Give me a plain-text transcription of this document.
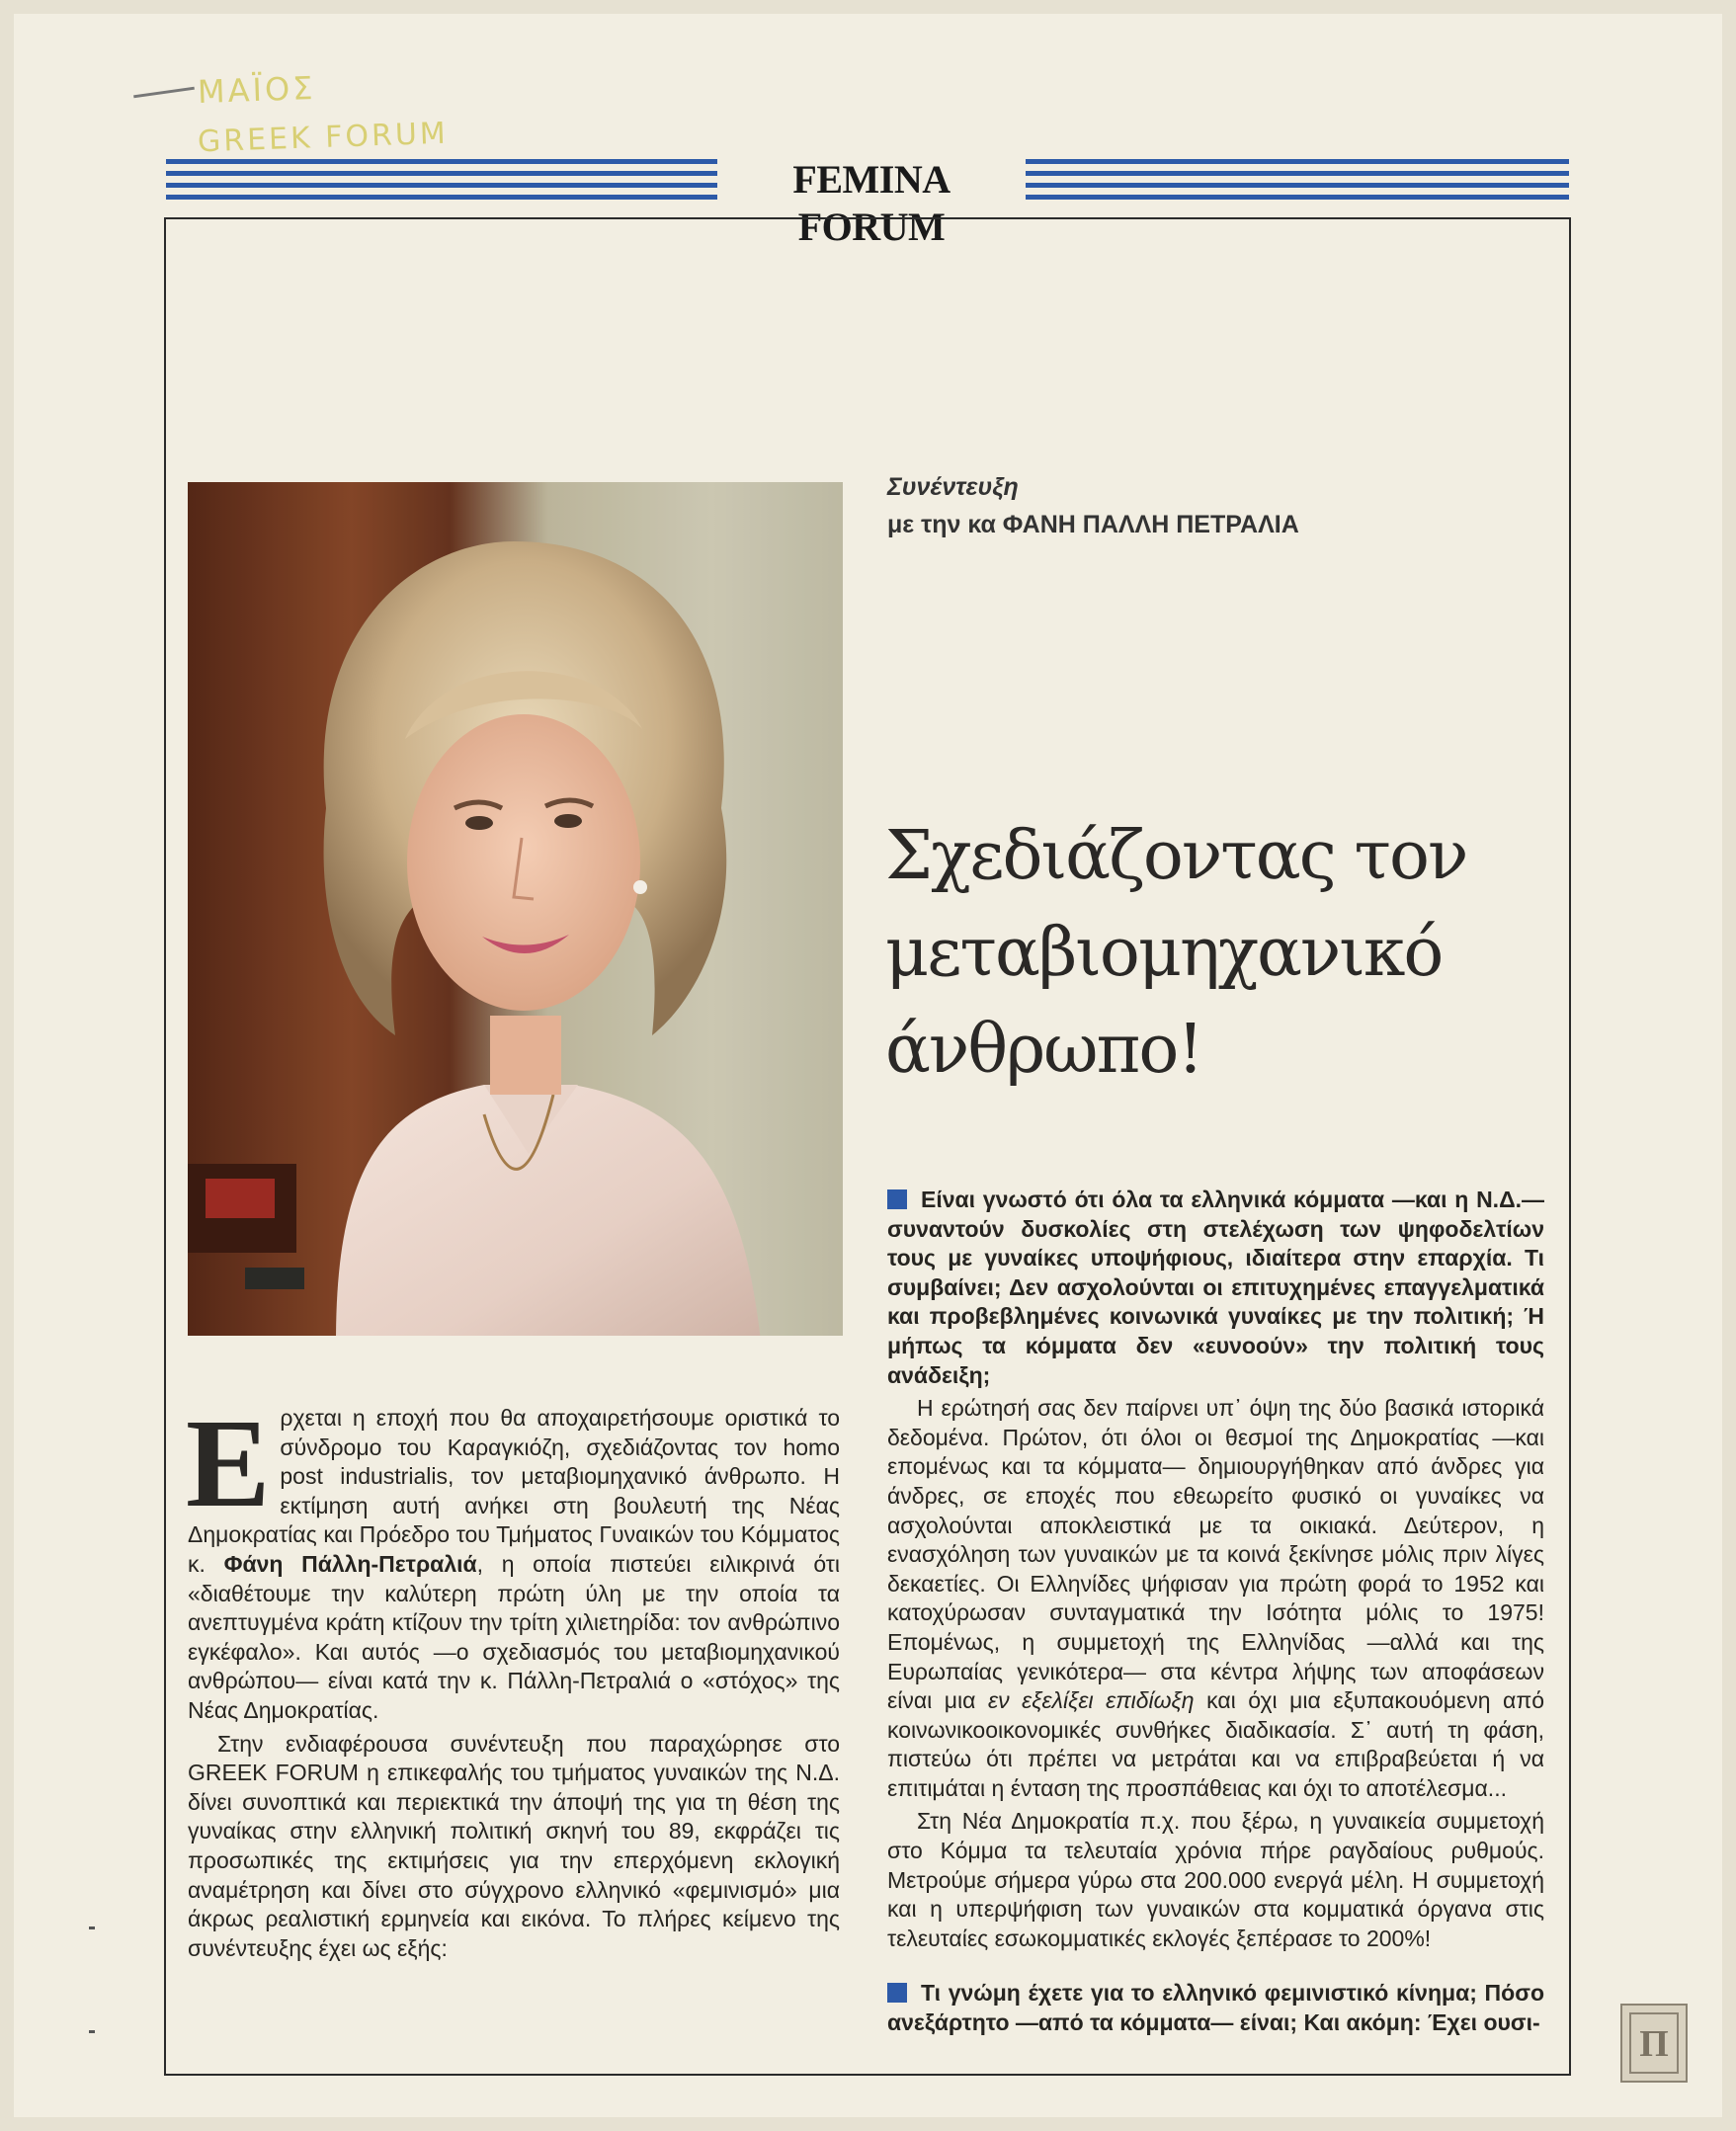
ΜΑΪΟΣ
GREEK FORUM
FEMINA FORUM
Συνέντευξη
με την κα ΦΑΝΗ ΠΑΛΛΗ ΠΕΤΡΑΛΙΑ
Σχεδιάζοντας τον
μεταβιομηχανικό
άνθρωπο!

Ερχεται η εποχή που θα αποχαιρετήσουμε οριστικά το σύνδρομο του Καραγκιόζη, σχεδιάζοντας τον homo post industrialis, τον μεταβιομηχανικό άνθρωπο. Η εκτίμηση αυτή ανήκει στη βουλευτή της Νέας Δημοκρατίας και Πρόεδρο του Τμήματος Γυναικών του Κόμματος κ. Φάνη Πάλλη-Πετραλιά, η οποία πιστεύει ειλικρινά ότι «διαθέτουμε την καλύτερη πρώτη ύλη με την οποία τα ανεπτυγμένα κράτη κτίζουν την τρίτη χιλιετηρίδα: τον ανθρώπινο εγκέφαλο». Και αυτός —ο σχεδιασμός του μεταβιομηχανικού ανθρώπου— είναι κατά την κ. Πάλλη-Πετραλιά ο «στόχος» της Νέας Δημοκρατίας.

Στην ενδιαφέρουσα συνέντευξη που παραχώρησε στο GREEK FORUM η επικεφαλής του τμήματος γυναικών της Ν.Δ. δίνει συνοπτικά και περιεκτικά την άποψή της για τη θέση της γυναίκας στην ελληνική πολιτική σκηνή του 89, εκφράζει τις προσωπικές της εκτιμήσεις για την επερχόμενη εκλογική αναμέτρηση και δίνει στο σύγχρονο ελληνικό «φεμινισμό» μια άκρως ρεαλιστική ερμηνεία και εικόνα. Το πλήρες κείμενο της συνέντευξης έχει ως εξής:

Είναι γνωστό ότι όλα τα ελληνικά κόμματα —και η Ν.Δ.— συναντούν δυσκολίες στη στελέχωση των ψηφοδελτίων τους με γυναίκες υποψήφιους, ιδιαίτερα στην επαρχία. Τι συμβαίνει; Δεν ασχολούνται οι επιτυχημένες επαγγελματικά και προβεβλημένες κοινωνικά γυναίκες με την πολιτική; Ή μήπως τα κόμματα δεν «ευνοούν» την πολιτική τους ανάδειξη;

Η ερώτησή σας δεν παίρνει υπ᾽ όψη της δύο βασικά ιστορικά δεδομένα. Πρώτον, ότι όλοι οι θεσμοί της Δημοκρατίας —και επομένως και τα κόμματα— δημιουργήθηκαν από άνδρες για άνδρες, σε εποχές που εθεωρείτο φυσικό οι γυναίκες να ασχολούνται αποκλειστικά με τα οικιακά. Δεύτερον, η ενασχόληση των γυναικών με τα κοινά ξεκίνησε μόλις πριν λίγες δεκαετίες. Οι Ελληνίδες ψήφισαν για πρώτη φορά το 1952 και κατοχύρωσαν συνταγματικά την Ισότητα μόλις το 1975! Επομένως, η συμμετοχή της Ελληνίδας —αλλά και της Ευρωπαίας γενικότερα— στα κέντρα λήψης των αποφάσεων είναι μια εν εξελίξει επιδίωξη και όχι μια εξυπακουόμενη από κοινωνικοοικονομικές συνθήκες διαδικασία. Σ᾽ αυτή τη φάση, πιστεύω ότι πρέπει να μετράται και να επιβραβεύεται ή να επιτιμάται η ένταση της προσπάθειας και όχι το αποτέλεσμα...

Στη Νέα Δημοκρατία π.χ. που ξέρω, η γυναικεία συμμετοχή στο Κόμμα τα τελευταία χρόνια πήρε ραγδαίους ρυθμούς. Μετρούμε σήμερα γύρω στα 200.000 ενεργά μέλη. Η συμμετοχή και η υπερψήφιση των γυναικών στα κομματικά όργανα στις τελευταίες εσωκομματικές εκλογές ξεπέρασε το 200%!

Τι γνώμη έχετε για το ελληνικό φεμινιστικό κίνημα; Πόσο ανεξάρτητο —από τα κόμματα— είναι; Και ακόμη: Έχει ουσι-

Π
